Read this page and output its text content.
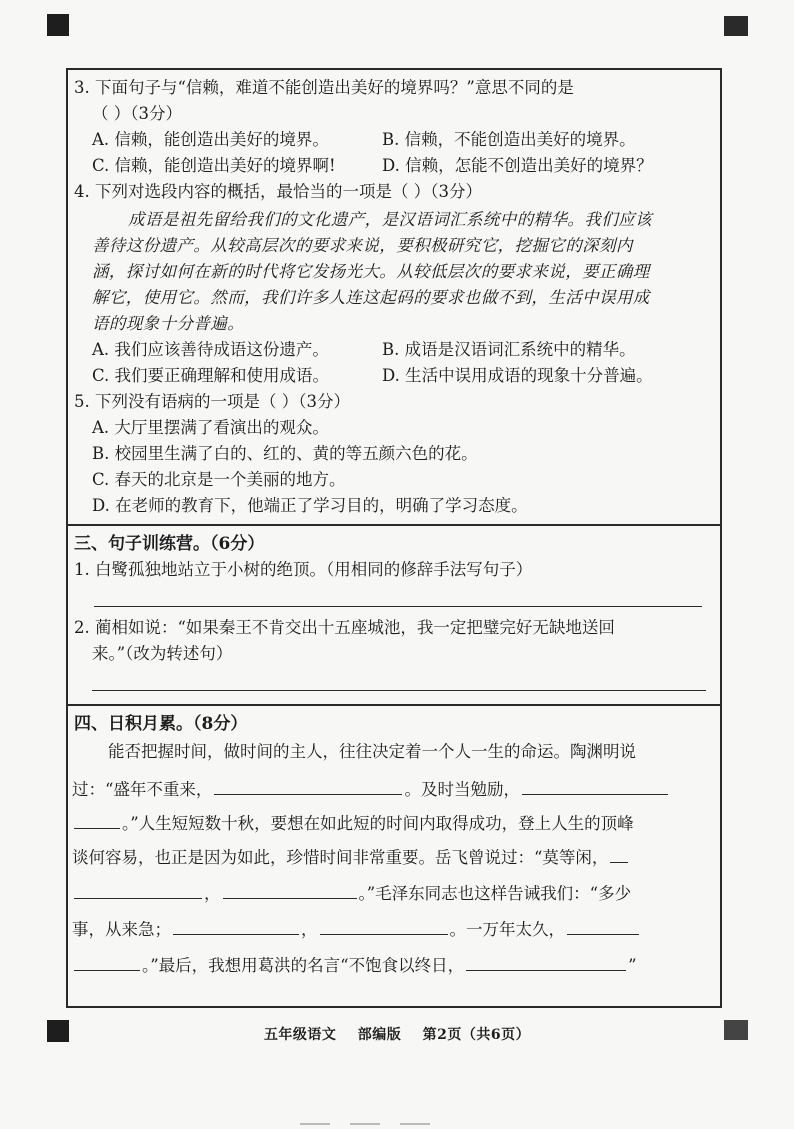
3. 下面句子与“信赖，难道不能创造出美好的境界吗？”意思不同的是
（ ）（3分）
A. 信赖，能创造出美好的境界。	B. 信赖，不能创造出美好的境界。
C. 信赖，能创造出美好的境界啊!	D. 信赖，怎能不创造出美好的境界？
4. 下列对选段内容的概括，最恰当的一项是（ ）（3分）
成语是祖先留给我们的文化遗产，是汉语词汇系统中的精华。我们应该
善待这份遗产。从较高层次的要求来说，要积极研究它，挖掘它的深刻内
涵，探讨如何在新的时代将它发扬光大。从较低层次的要求来说，要正确理
解它，使用它。然而，我们许多人连这起码的要求也做不到，生活中误用成
语的现象十分普遍。
A. 我们应该善待成语这份遗产。	B. 成语是汉语词汇系统中的精华。
C. 我们要正确理解和使用成语。	D. 生活中误用成语的现象十分普遍。
5. 下列没有语病的一项是（ ）（3分）
A. 大厅里摆满了看演出的观众。
B. 校园里生满了白的、红的、黄的等五颜六色的花。
C. 春天的北京是一个美丽的地方。
D. 在老师的教育下，他端正了学习目的，明确了学习态度。
三、句子训练营。（6分）
1. 白鹭孤独地站立于小树的绝顶。（用相同的修辞手法写句子）
2. 蔺相如说：“如果秦王不肯交出十五座城池，我一定把璧完好无缺地送回
来。”（改为转述句）
四、日积月累。（8分）
能否把握时间，做时间的主人，往往决定着一个人一生的命运。陶渊明说
过：“盛年不重来，	。及时当勉励，
。”人生短短数十秋，要想在如此短的时间内取得成功，登上人生的顶峰
谈何容易，也正是因为如此，珍惜时间非常重要。岳飞曾说过：“莫等闲，
，	。”毛泽东同志也这样告诫我们：“多少
事，从来急；	，	。一万年太久，
。”最后，我想用葛洪的名言“不饱食以终日，	”
五年级语文 部编版 第2页（共6页）
